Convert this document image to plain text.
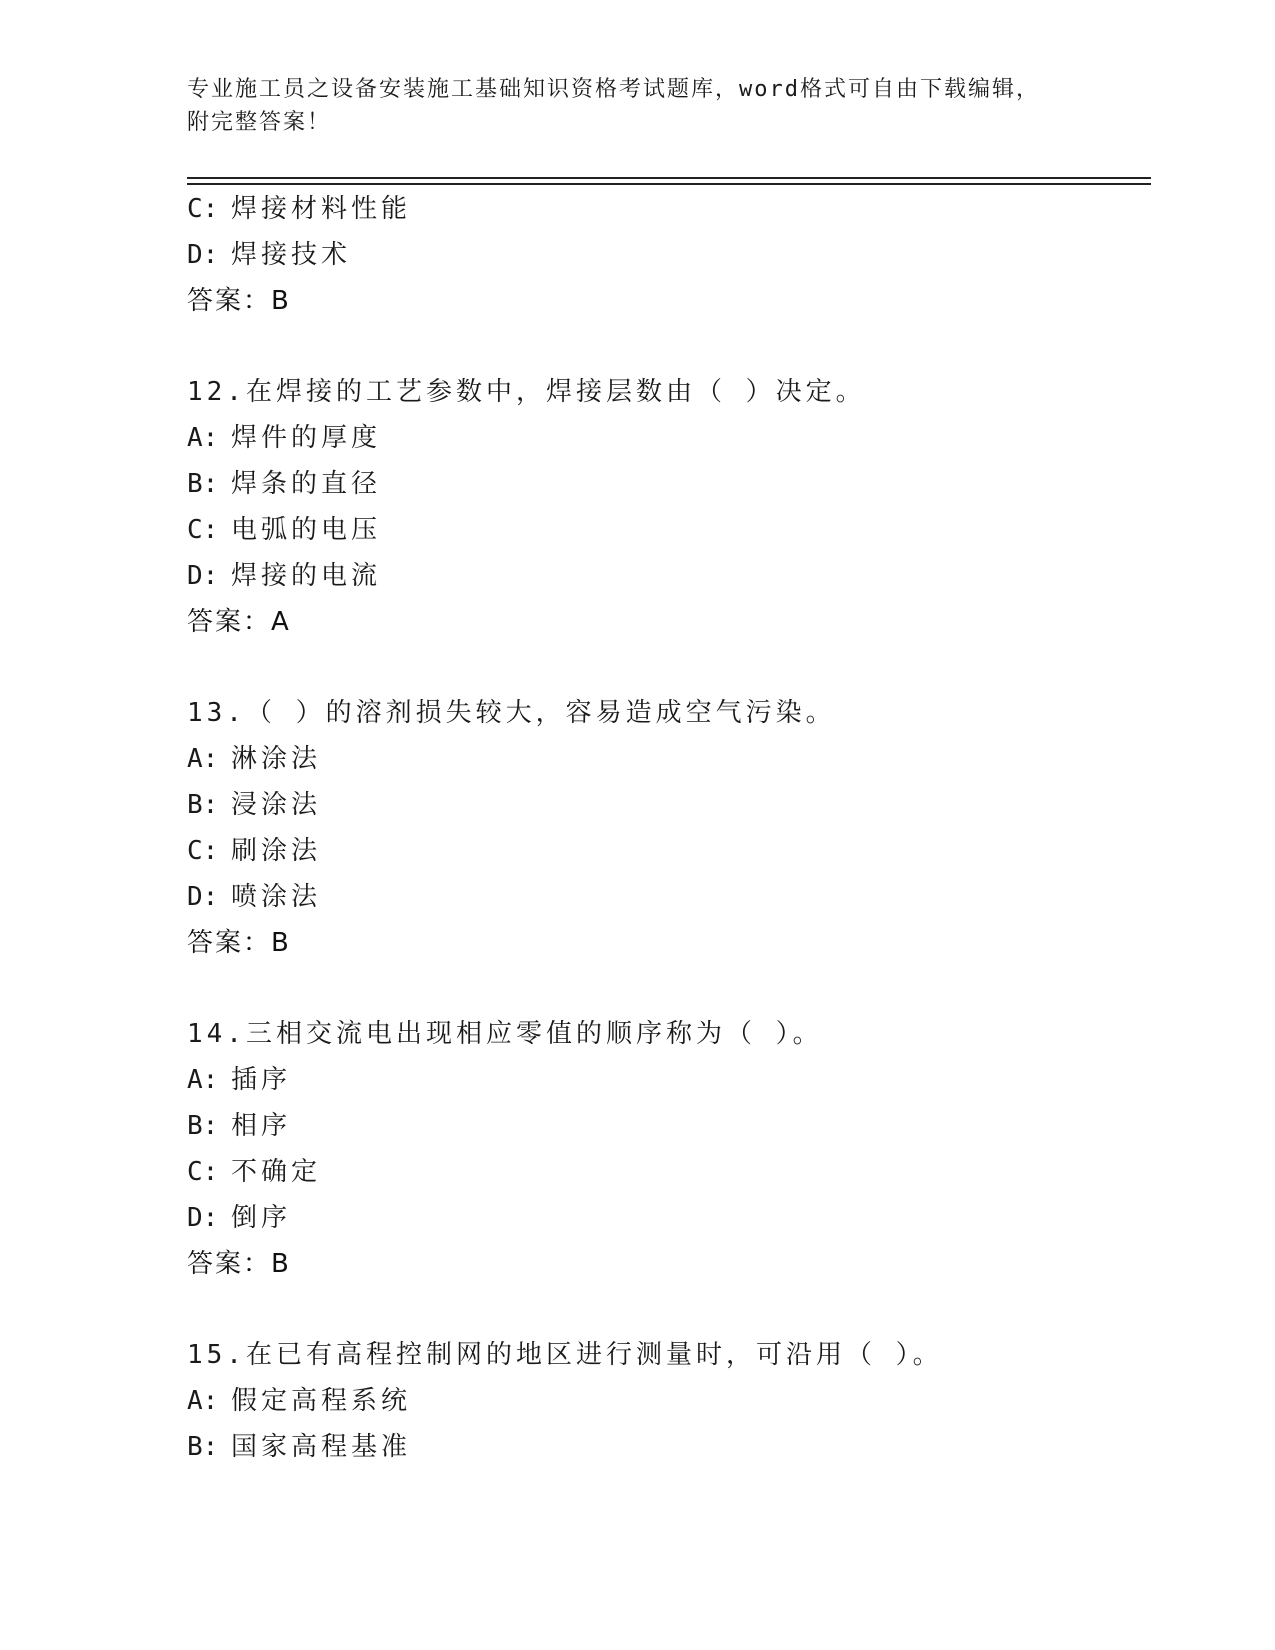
专业施工员之设备安装施工基础知识资格考试题库，word格式可自由下载编辑，
附完整答案！
C: 焊接材料性能
D: 焊接技术
答案：B
12.在焊接的工艺参数中，焊接层数由（ ）决定。
A: 焊件的厚度
B: 焊条的直径
C: 电弧的电压
D: 焊接的电流
答案：A
13.（ ）的溶剂损失较大，容易造成空气污染。
A: 淋涂法
B: 浸涂法
C: 刷涂法
D: 喷涂法
答案：B
14.三相交流电出现相应零值的顺序称为（ ）。
A: 插序
B: 相序
C: 不确定
D: 倒序
答案：B
15.在已有高程控制网的地区进行测量时，可沿用（ ）。
A: 假定高程系统
B: 国家高程基准
